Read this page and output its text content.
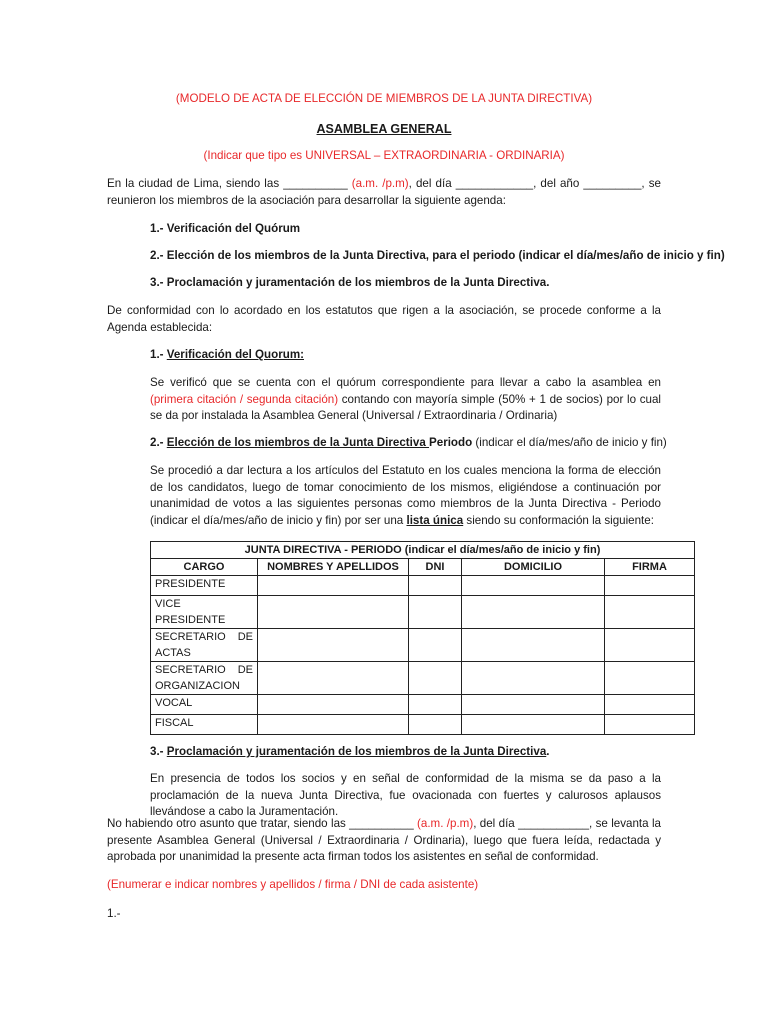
(MODELO DE ACTA DE ELECCIÓN DE MIEMBROS DE LA JUNTA DIRECTIVA)
ASAMBLEA GENERAL
(Indicar que tipo es UNIVERSAL – EXTRAORDINARIA - ORDINARIA)
En la ciudad de Lima, siendo las __________ (a.m. /p.m), del día ____________, del año _________, se reunieron los miembros de la asociación para desarrollar la siguiente agenda:
1.- Verificación del Quórum
2.- Elección de los miembros de la Junta Directiva, para el periodo (indicar el día/mes/año de inicio y fin)
3.- Proclamación y juramentación de los miembros de la Junta Directiva.
De conformidad con lo acordado en los estatutos que rigen a la asociación, se procede conforme a la Agenda establecida:
1.- Verificación del Quorum:
Se verificó que se cuenta con el quórum correspondiente para llevar a cabo la asamblea en (primera citación / segunda citación) contando con mayoría simple (50% + 1 de socios) por lo cual se da por instalada la Asamblea General (Universal / Extraordinaria / Ordinaria)
2.- Elección de los miembros de la Junta Directiva Periodo (indicar el día/mes/año de inicio y fin)
Se procedió a dar lectura a los artículos del Estatuto en los cuales menciona la forma de elección de los candidatos, luego de tomar conocimiento de los mismos, eligiéndose a continuación por unanimidad de votos a las siguientes personas como miembros de la Junta Directiva - Periodo (indicar el día/mes/año de inicio y fin) por ser una lista única siendo su conformación la siguiente:
JUNTA DIRECTIVA - PERIODO (indicar el día/mes/año de inicio y fin)				
CARGO	NOMBRES Y APELLIDOS	DNI	DOMICILIO	FIRMA
PRESIDENTE				
VICE PRESIDENTE				

SECRETARIO DE
ACTAS				

SECRETARIO DE
ORGANIZACION				

VOCAL				
FISCAL				
3.- Proclamación y juramentación de los miembros de la Junta Directiva.
En presencia de todos los socios y en señal de conformidad de la misma se da paso a la proclamación de la nueva Junta Directiva, fue ovacionada con fuertes y calurosos aplausos llevándose a cabo la Juramentación.
No habiendo otro asunto que tratar, siendo las __________ (a.m. /p.m), del día ___________, se levanta la presente Asamblea General (Universal / Extraordinaria / Ordinaria), luego que fuera leída, redactada y aprobada por unanimidad la presente acta firman todos los asistentes en señal de conformidad.
(Enumerar e indicar nombres y apellidos / firma / DNI de cada asistente)
1.-
